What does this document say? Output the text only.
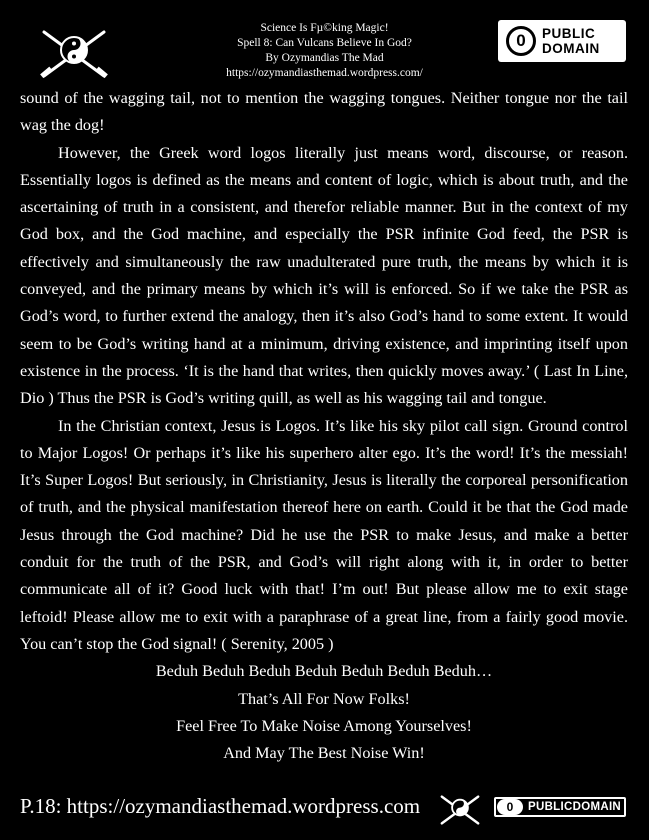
Science Is Fµ©king Magic!
Spell 8: Can Vulcans Believe In God?
By Ozymandias The Mad
https://ozymandiasthemad.wordpress.com/
0	PUBLIC
DOMAIN

sound of the wagging tail, not to mention the wagging tongues. Neither tongue nor the tail wag the dog!

However, the Greek word logos literally just means word, discourse, or reason. Essentially logos is defined as the means and content of logic, which is about truth, and the ascertaining of truth in a consistent, and therefor reliable manner. But in the context of my God box, and the God machine, and especially the PSR infinite God feed, the PSR is effectively and simultaneously the raw unadulterated pure truth, the means by which it is conveyed, and the primary means by which it’s will is enforced. So if we take the PSR as God’s word, to further extend the analogy, then it’s also God’s hand to some extent. It would seem to be God’s writing hand at a minimum, driving existence, and imprinting itself upon existence in the process. ‘It is the hand that writes, then quickly moves away.’ ( Last In Line, Dio ) Thus the PSR is God’s writing quill, as well as his wagging tail and tongue.

In the Christian context, Jesus is Logos. It’s like his sky pilot call sign. Ground control to Major Logos! Or perhaps it’s like his superhero alter ego. It’s the word! It’s the messiah! It’s Super Logos! But seriously, in Christianity, Jesus is literally the corporeal personification of truth, and the physical manifestation thereof here on earth. Could it be that the God made Jesus through the God machine? Did he use the PSR to make Jesus, and make a better conduit for the truth of the PSR, and God’s will right along with it, in order to better communicate all of it? Good luck with that! I’m out! But please allow me to exit stage leftoid! Please allow me to exit with a paraphrase of a great line, from a fairly good movie. You can’t stop the God signal! ( Serenity, 2005 )

Beduh Beduh Beduh Beduh Beduh Beduh Beduh…

That’s All For Now Folks!

Feel Free To Make Noise Among Yourselves!

And May The Best Noise Win!

P.18: https://ozymandiasthemad.wordpress.com	0	PUBLICDOMAIN
